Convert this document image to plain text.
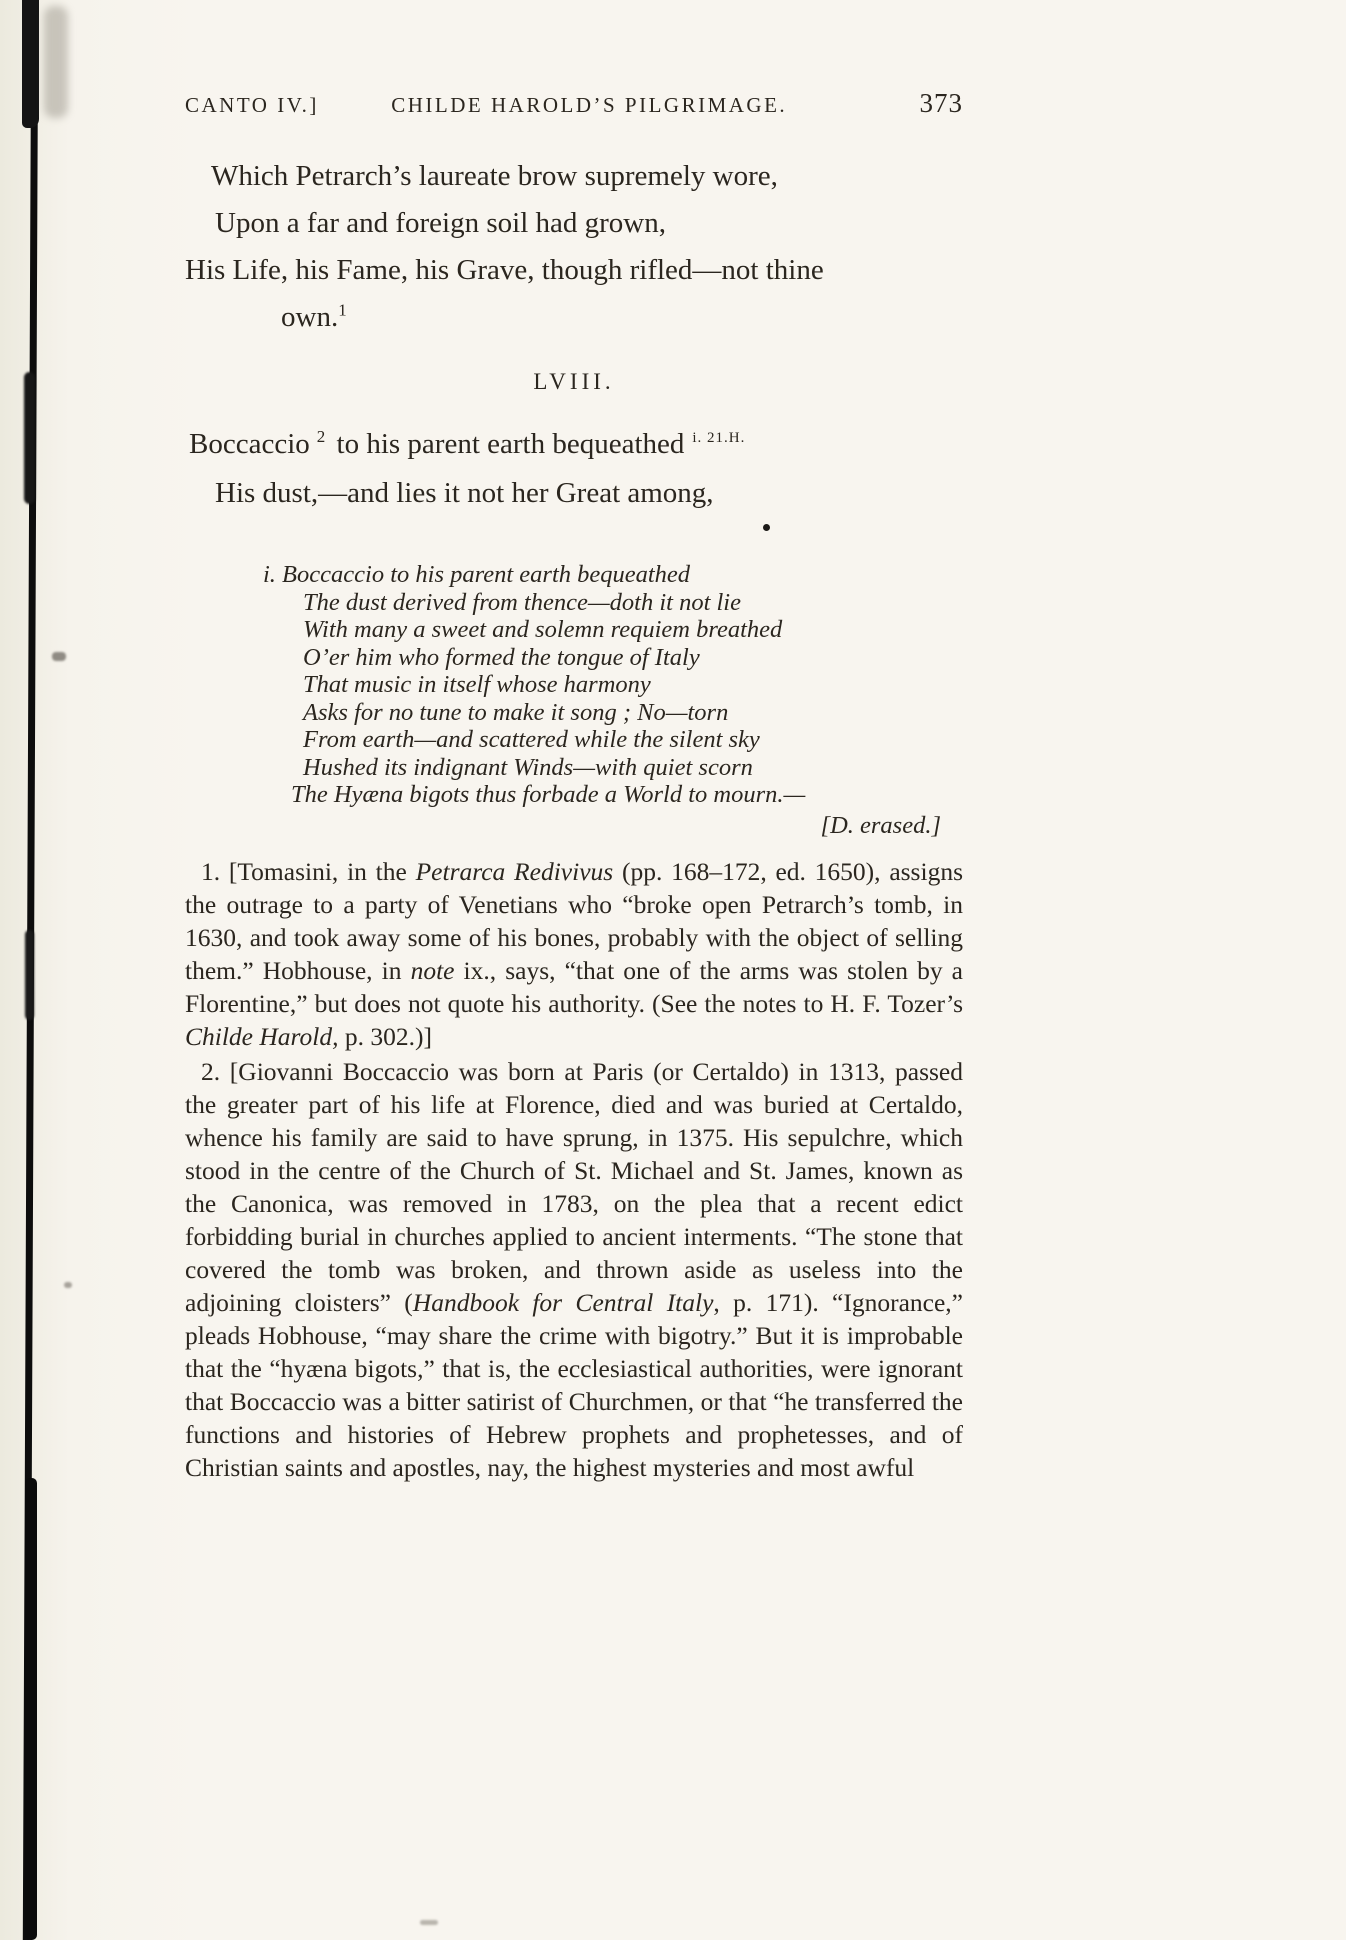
CANTO IV.]	CHILDE HAROLD’S PILGRIMAGE.	373
Which Petrarch’s laureate brow supremely wore,
Upon a far and foreign soil had grown,
His Life, his Fame, his Grave, though rifled—not thine
own.$^1$
LVIII.
Boccaccio $^2$ to his parent earth bequeathed $^{i. 21.H.}$
His dust,—and lies it not her Great among,
i. Boccaccio to his parent earth bequeathed
The dust derived from thence—doth it not lie
With many a sweet and solemn requiem breathed
O’er him who formed the tongue of Italy
That music in itself whose harmony
Asks for no tune to make it song ; No—torn
From earth—and scattered while the silent sky
Hushed its indignant Winds—with quiet scorn
The Hyæna bigots thus forbade a World to mourn.—
[D. erased.]

1. [Tomasini, in the Petrarca Redivivus (pp. 168–172, ed. 1650), assigns the outrage to a party of Venetians who “broke open Petrarch’s tomb, in 1630, and took away some of his bones, probably with the object of selling them.” Hobhouse, in note ix., says, “that one of the arms was stolen by a Florentine,” but does not quote his authority. (See the notes to H. F. Tozer’s Childe Harold, p. 302.)]

2. [Giovanni Boccaccio was born at Paris (or Certaldo) in 1313, passed the greater part of his life at Florence, died and was buried at Certaldo, whence his family are said to have sprung, in 1375. His sepulchre, which stood in the centre of the Church of St. Michael and St. James, known as the Canonica, was removed in 1783, on the plea that a recent edict forbidding burial in churches applied to ancient interments. “The stone that covered the tomb was broken, and thrown aside as useless into the adjoining cloisters” (Handbook for Central Italy, p. 171). “Ignorance,” pleads Hobhouse, “may share the crime with bigotry.” But it is improbable that the “hyæna bigots,” that is, the ecclesiastical authorities, were ignorant that Boccaccio was a bitter satirist of Churchmen, or that “he transferred the functions and histories of Hebrew prophets and prophetesses, and of Christian saints and apostles, nay, the highest mysteries and most awful
